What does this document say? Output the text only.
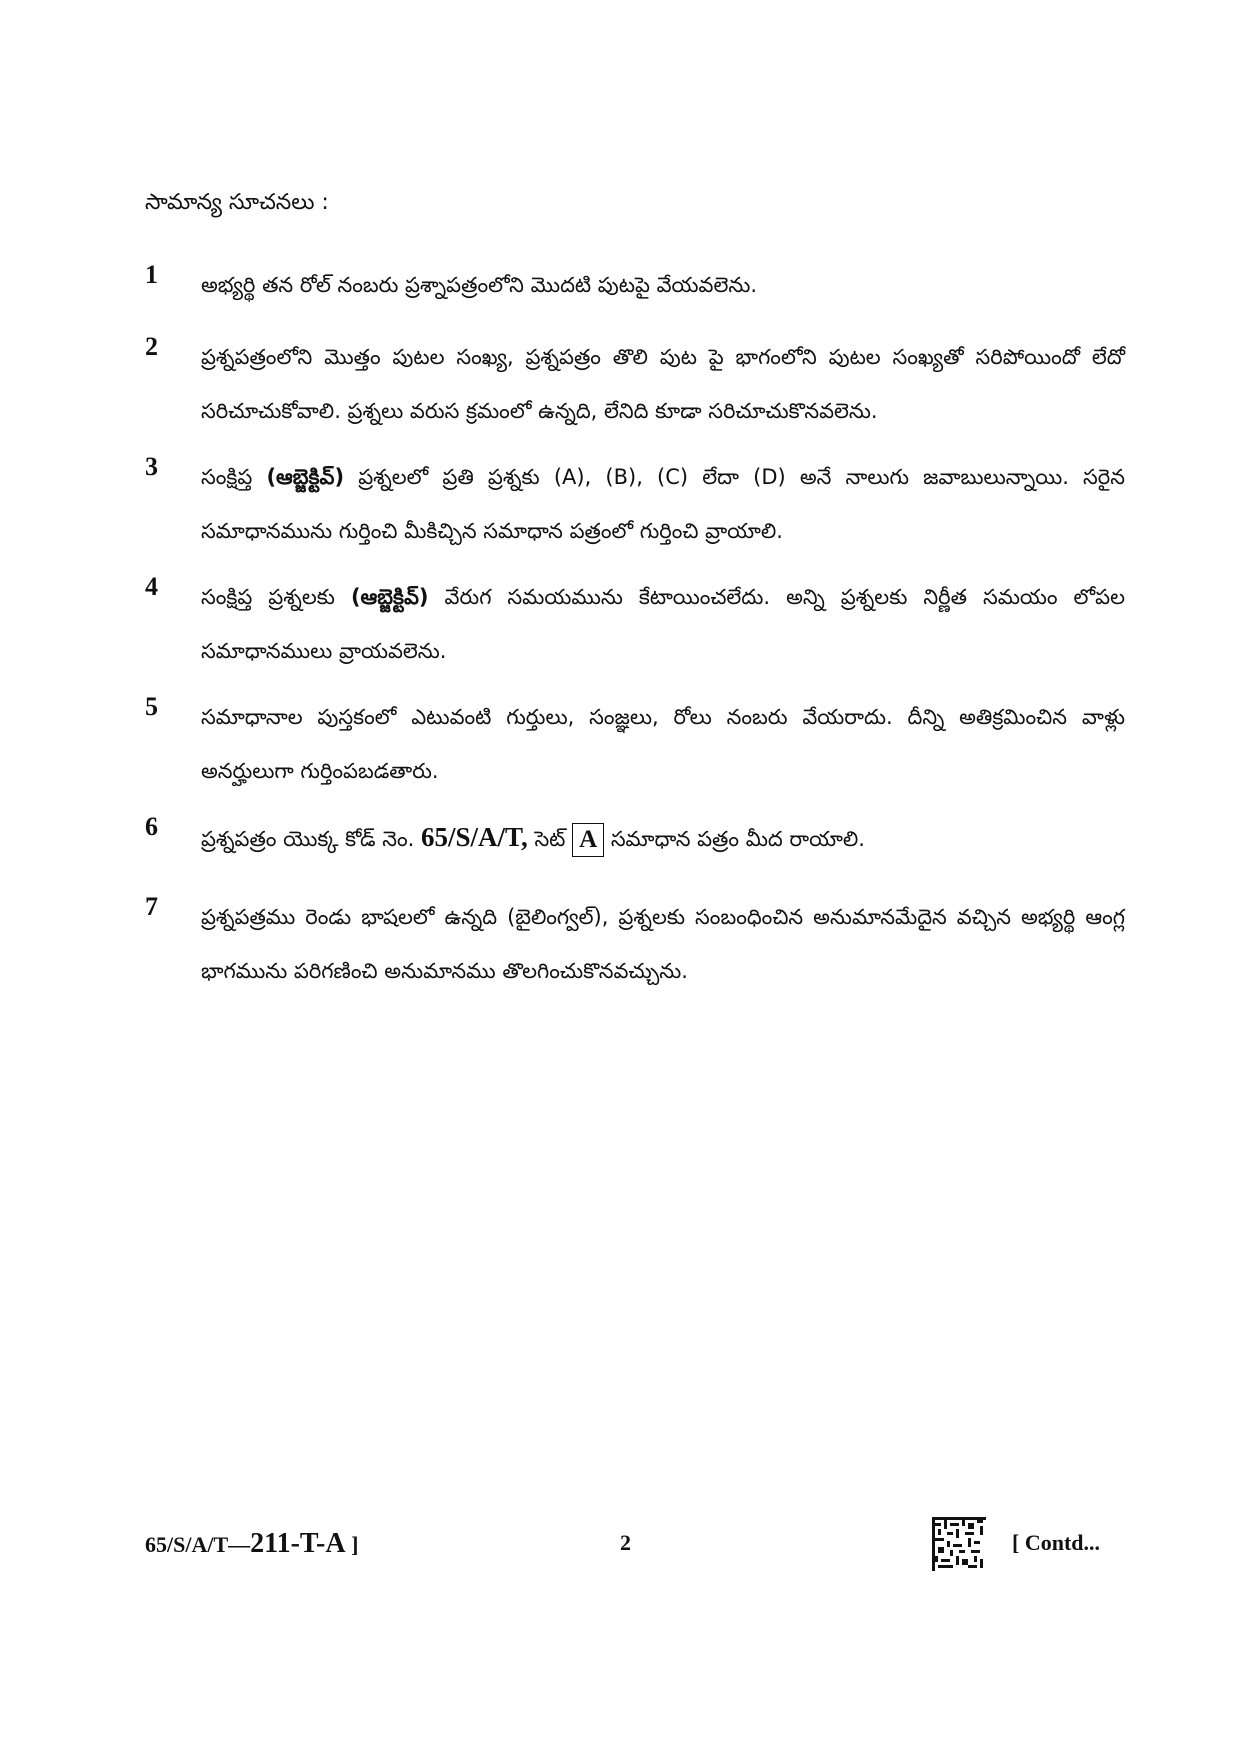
సామాన్య సూచనలు :
1	అభ్యర్థి తన రోల్ నంబరు ప్రశ్నాపత్రంలోని మొదటి పుటపై వేయవలెను.
2	ప్రశ్నపత్రంలోని మొత్తం పుటల సంఖ్య, ప్రశ్నపత్రం తొలి పుట పై భాగంలోని పుటల సంఖ్యతో సరిపోయిందో లేదో సరిచూచుకోవాలి. ప్రశ్నలు వరుస క్రమంలో ఉన్నది, లేనిది కూడా సరిచూచుకొనవలెను.
3	సంక్షిప్త (ఆబ్జెక్టివ్) ప్రశ్నలలో ప్రతి ప్రశ్నకు (A), (B), (C) లేదా (D) అనే నాలుగు జవాబులున్నాయి. సరైన సమాధానమును గుర్తించి మీకిచ్చిన సమాధాన పత్రంలో గుర్తించి వ్రాయాలి.
4	సంక్షిప్త ప్రశ్నలకు (ఆబ్జెక్టివ్) వేరుగ సమయమును కేటాయించలేదు. అన్ని ప్రశ్నలకు నిర్ణీత సమయం లోపల సమాధానములు వ్రాయవలెను.
5	సమాధానాల పుస్తకంలో ఎటువంటి గుర్తులు, సంజ్ఞలు, రోలు నంబరు వేయరాదు. దీన్ని అతిక్రమించిన వాళ్లు అనర్హులుగా గుర్తింపబడతారు.
6	ప్రశ్నపత్రం యొక్క కోడ్ నెం. 65/S/A/T, సెట్ A సమాధాన పత్రం మీద రాయాలి.
7	ప్రశ్నపత్రము రెండు భాషలలో ఉన్నది (బైలింగ్వల్), ప్రశ్నలకు సంబంధించిన అనుమానమేదైన వచ్చిన అభ్యర్థి ఆంగ్ల భాగమును పరిగణించి అనుమానము తొలగించుకొనవచ్చును.
65/S/A/T—211-T-A ]	2	[ Contd...
